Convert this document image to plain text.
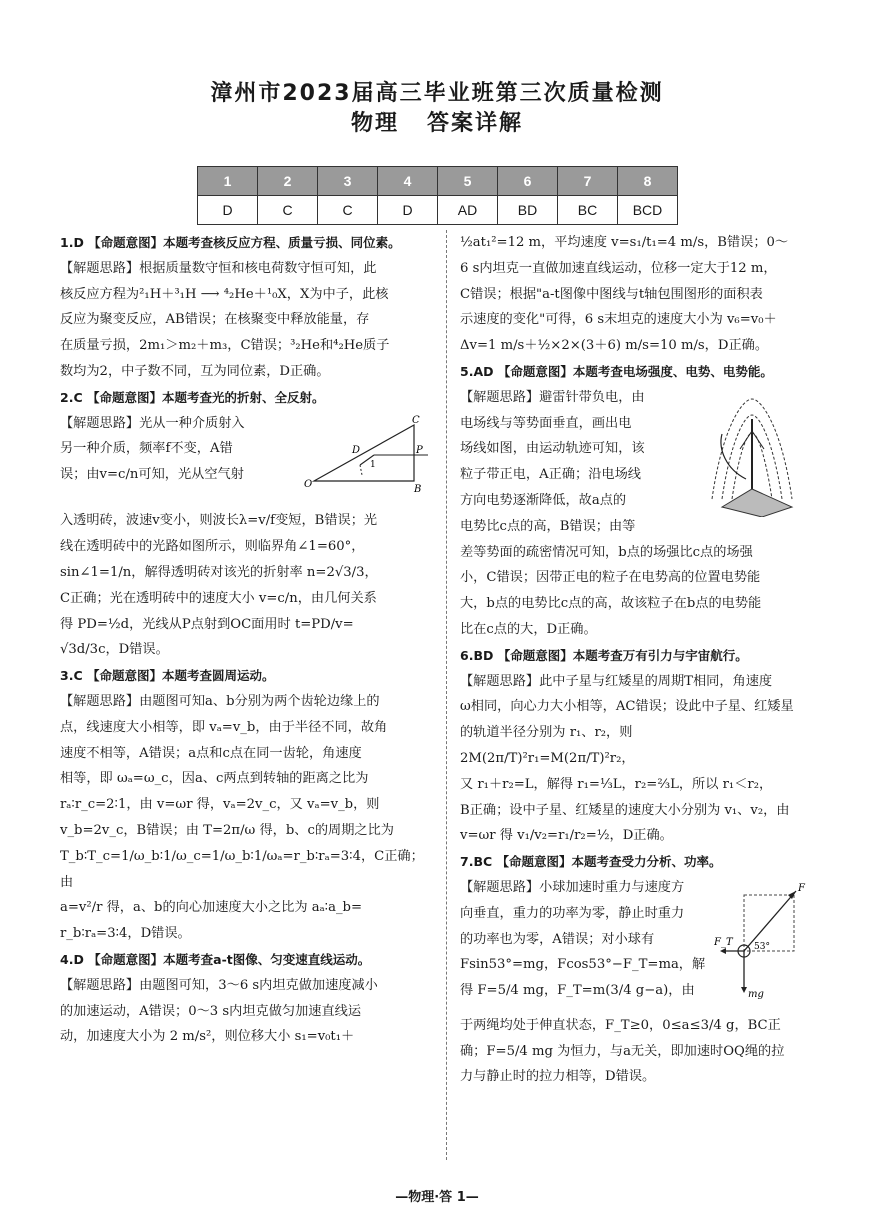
漳州市2023届高三毕业班第三次质量检测
物理 答案详解
1	2	3	4	5	6	7	8
D	C	C	D	AD	BD	BC	BCD

1.D 【命题意图】本题考查核反应方程、质量亏损、同位素。

【解题思路】根据质量数守恒和核电荷数守恒可知，此

核反应方程为²₁H＋³₁H ⟶ ⁴₂He＋¹₀X，X为中子，此核

反应为聚变反应，AB错误；在核聚变中释放能量，存

在质量亏损，2m₁＞m₂＋m₃，C错误；³₂He和⁴₂He质子

数均为2，中子数不同，互为同位素，D正确。

2.C 【命题意图】本题考查光的折射、全反射。

C
D	P
1
O	B

【解题思路】光从一种介质射入

另一种介质，频率f不变，A错

误；由v=c/n可知，光从空气射

入透明砖，波速v变小，则波长λ=v/f变短，B错误；光

线在透明砖中的光路如图所示，则临界角∠1=60°，

sin∠1=1/n，解得透明砖对该光的折射率 n=2√3/3，

C正确；光在透明砖中的速度大小 v=c/n，由几何关系

得 PD=½d，光线从P点射到OC面用时 t=PD/v=

√3d/3c，D错误。

3.C 【命题意图】本题考查圆周运动。

【解题思路】由题图可知a、b分别为两个齿轮边缘上的

点，线速度大小相等，即 vₐ=v_b，由于半径不同，故角

速度不相等，A错误；a点和c点在同一齿轮，角速度

相等，即 ωₐ=ω_c，因a、c两点到转轴的距离之比为

rₐ∶r_c=2∶1，由 v=ωr 得，vₐ=2v_c，又 vₐ=v_b，则

v_b=2v_c，B错误；由 T=2π/ω 得，b、c的周期之比为

T_b∶T_c=1/ω_b∶1/ω_c=1/ω_b∶1/ωₐ=r_b∶rₐ=3∶4，C正确；由

a=v²/r 得，a、b的向心加速度大小之比为 aₐ∶a_b=

r_b∶rₐ=3∶4，D错误。

4.D 【命题意图】本题考查a-t图像、匀变速直线运动。

【解题思路】由题图可知，3～6 s内坦克做加速度减小

的加速运动，A错误；0～3 s内坦克做匀加速直线运

动，加速度大小为 2 m/s²，则位移大小 s₁=v₀t₁＋

½at₁²=12 m，平均速度 v=s₁/t₁=4 m/s，B错误；0～

6 s内坦克一直做加速直线运动，位移一定大于12 m，

C错误；根据"a-t图像中图线与t轴包围图形的面积表

示速度的变化"可得，6 s末坦克的速度大小为 v₆=v₀＋

Δv=1 m/s＋½×2×(3＋6) m/s=10 m/s，D正确。

5.AD 【命题意图】本题考查电场强度、电势、电势能。

【解题思路】避雷针带负电，由

电场线与等势面垂直，画出电

场线如图，由运动轨迹可知，该

粒子带正电，A正确；沿电场线

方向电势逐渐降低，故a点的

电势比c点的高，B错误；由等

差等势面的疏密情况可知，b点的场强比c点的场强

小，C错误；因带正电的粒子在电势高的位置电势能

大，b点的电势比c点的高，故该粒子在b点的电势能

比在c点的大，D正确。

6.BD 【命题意图】本题考查万有引力与宇宙航行。

【解题思路】此中子星与红矮星的周期T相同，角速度

ω相同，向心力大小相等，AC错误；设此中子星、红矮星

的轨道半径分别为 r₁、r₂，则 2M(2π/T)²r₁=M(2π/T)²r₂，

又 r₁＋r₂=L，解得 r₁=⅓L，r₂=⅔L，所以 r₁＜r₂，

B正确；设中子星、红矮星的速度大小分别为 v₁、v₂，由

v=ωr 得 v₁/v₂=r₁/r₂=½，D正确。

7.BC 【命题意图】本题考查受力分析、功率。

F
F_T 53°
mg

【解题思路】小球加速时重力与速度方

向垂直，重力的功率为零，静止时重力

的功率也为零，A错误；对小球有

Fsin53°=mg，Fcos53°−F_T=ma，解

得 F=5/4 mg，F_T=m(3/4 g−a)，由

于两绳均处于伸直状态，F_T≥0，0≤a≤3/4 g，BC正

确；F=5/4 mg 为恒力，与a无关，即加速时OQ绳的拉

力与静止时的拉力相等，D错误。

—物理·答 1—
